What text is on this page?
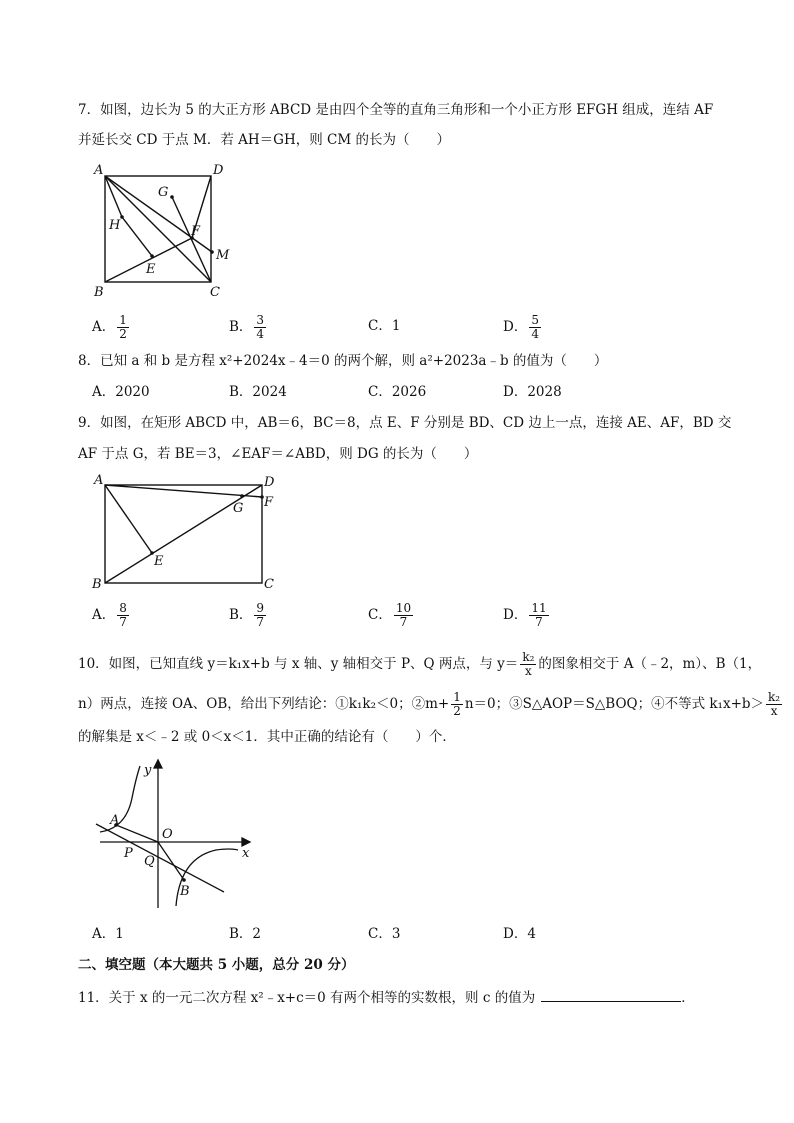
7．如图，边长为 5 的大正方形 ABCD 是由四个全等的直角三角形和一个小正方形 EFGH 组成，连结 AF
并延长交 CD 于点 M．若 AH＝GH，则 CM 的长为（　　）
A	D
B	C
G
H	F
E
M
A． $\frac{1}{2}$	B． $\frac{3}{4}$	C．1	D． $\frac{5}{4}$
8．已知 a 和 b 是方程 x²+2024x﹣4＝0 的两个解，则 a²+2023a﹣b 的值为（　　）
A．2020	B．2024	C．2026	D．2028
9．如图，在矩形 ABCD 中，AB＝6，BC＝8，点 E、F 分别是 BD、CD 边上一点，连接 AE、AF，BD 交
AF 于点 G，若 BE＝3，∠EAF＝∠ABD，则 DG 的长为（　　）
A	D
F
G
E
B	C
A． $\frac{8}{7}$	B． $\frac{9}{7}$	C． $\frac{10}{7}$	D． $\frac{11}{7}$
10．如图，已知直线 y＝k₁x+b 与 x 轴、y 轴相交于 P、Q 两点，与 $y= \frac{\text{k₂}}{x}$ 的图象相交于 A（﹣2，m）、B（1，
n）两点，连接 OA、OB，给出下列结论：①k₁k₂＜0；②m+ $\frac{1}{2} n=0$；③S△AOP＝S△BOQ；④不等式 $k_1x+b> \frac{\text{k₂}}{x}$
的解集是 x＜﹣2 或 0＜x＜1．其中正确的结论有（　　）个．
y
x
O
A
P
Q
B
A．1	B．2	C．3	D．4
二、填空题（本大题共 5 小题，总分 20 分）
11．关于 x 的一元二次方程 x²﹣x+c＝0 有两个相等的实数根，则 c 的值为	．
